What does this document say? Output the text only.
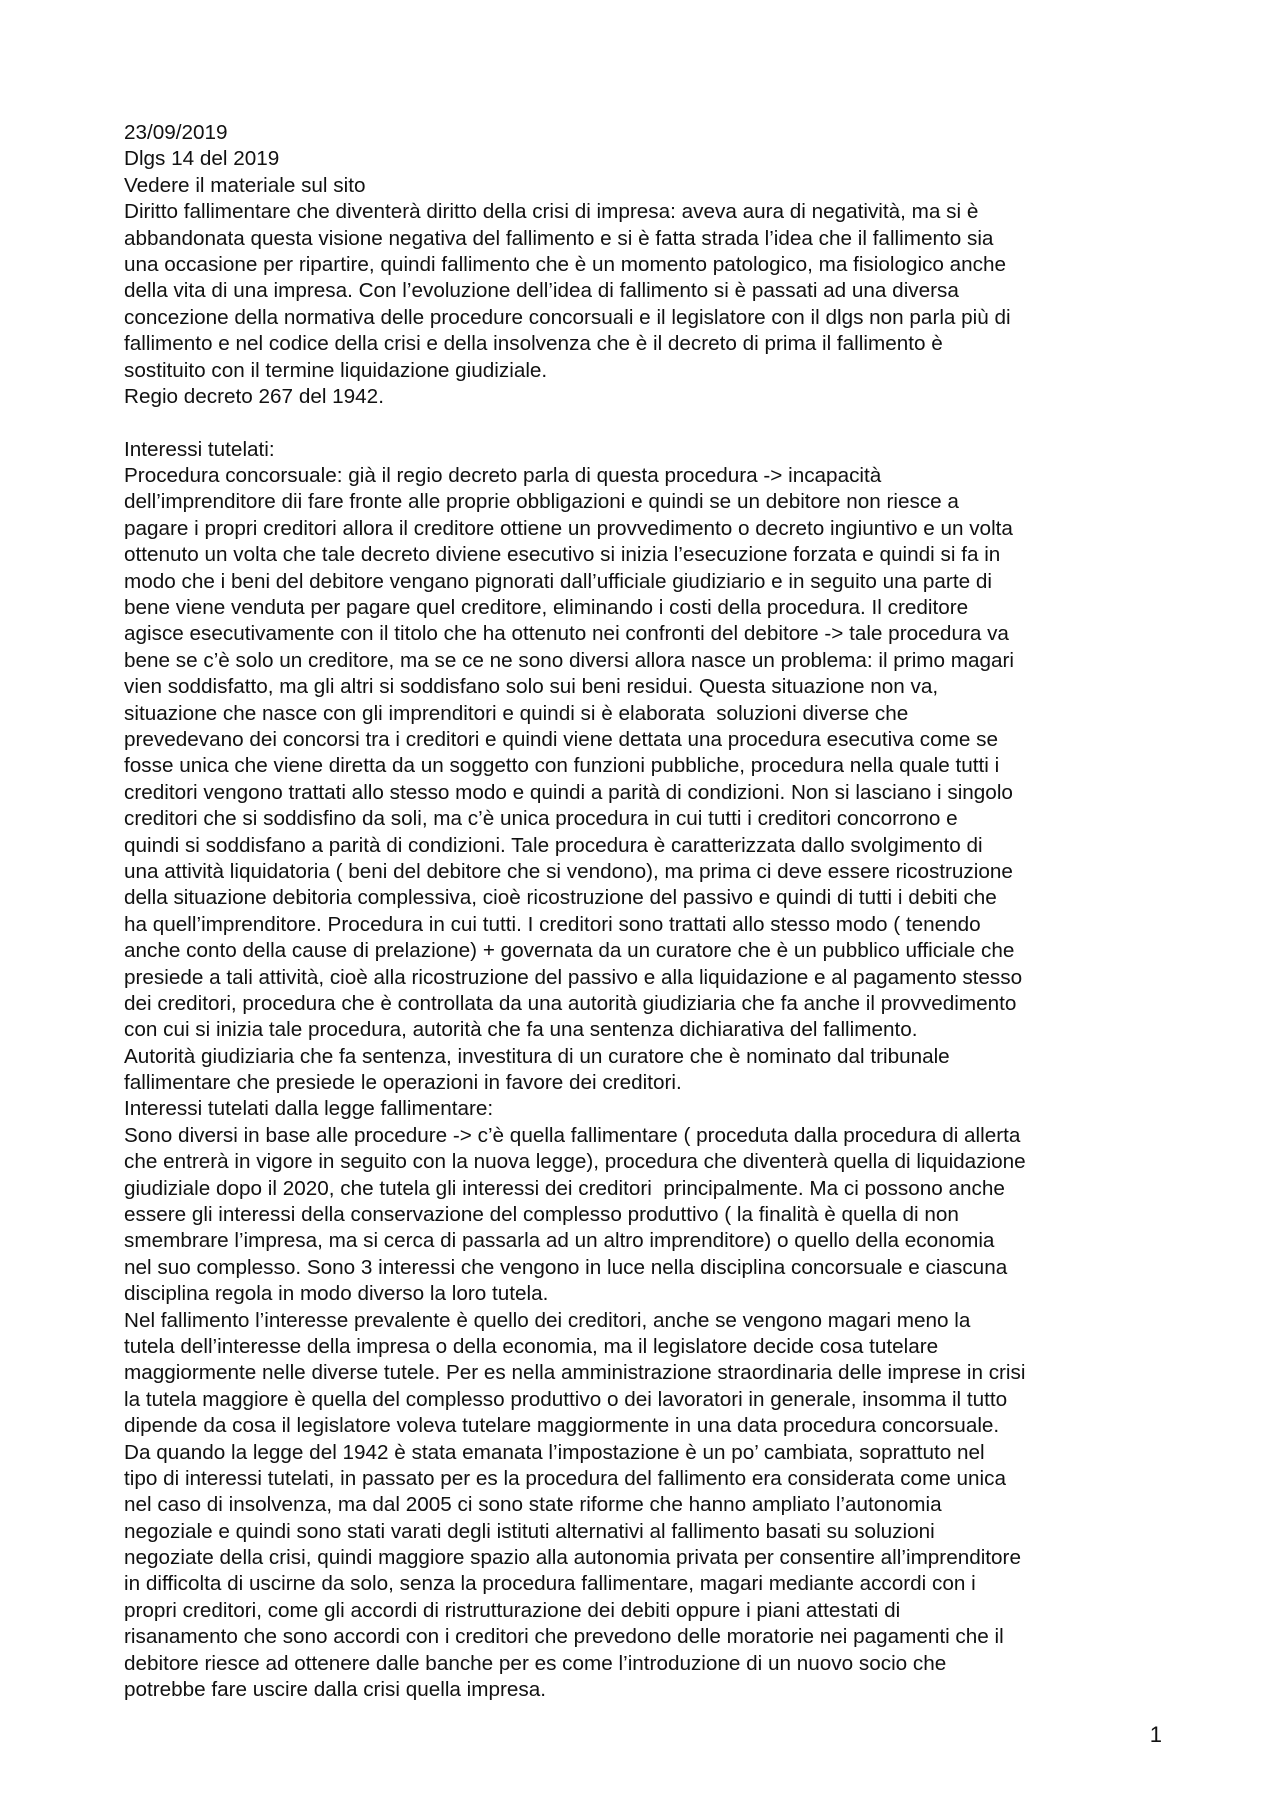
23/09/2019
Dlgs 14 del 2019
Vedere il materiale sul sito
Diritto fallimentare che diventerà diritto della crisi di impresa: aveva aura di negatività, ma si è
abbandonata questa visione negativa del fallimento e si è fatta strada l’idea che il fallimento sia
una occasione per ripartire, quindi fallimento che è un momento patologico, ma fisiologico anche
della vita di una impresa. Con l’evoluzione dell’idea di fallimento si è passati ad una diversa
concezione della normativa delle procedure concorsuali e il legislatore con il dlgs non parla più di
fallimento e nel codice della crisi e della insolvenza che è il decreto di prima il fallimento è
sostituito con il termine liquidazione giudiziale.
Regio decreto 267 del 1942.
Interessi tutelati:
Procedura concorsuale: già il regio decreto parla di questa procedura -> incapacità
dell’imprenditore dii fare fronte alle proprie obbligazioni e quindi se un debitore non riesce a
pagare i propri creditori allora il creditore ottiene un provvedimento o decreto ingiuntivo e un volta
ottenuto un volta che tale decreto diviene esecutivo si inizia l’esecuzione forzata e quindi si fa in
modo che i beni del debitore vengano pignorati dall’ufficiale giudiziario e in seguito una parte di
bene viene venduta per pagare quel creditore, eliminando i costi della procedura. Il creditore
agisce esecutivamente con il titolo che ha ottenuto nei confronti del debitore -> tale procedura va
bene se c’è solo un creditore, ma se ce ne sono diversi allora nasce un problema: il primo magari
vien soddisfatto, ma gli altri si soddisfano solo sui beni residui. Questa situazione non va,
situazione che nasce con gli imprenditori e quindi si è elaborata  soluzioni diverse che
prevedevano dei concorsi tra i creditori e quindi viene dettata una procedura esecutiva come se
fosse unica che viene diretta da un soggetto con funzioni pubbliche, procedura nella quale tutti i
creditori vengono trattati allo stesso modo e quindi a parità di condizioni. Non si lasciano i singolo
creditori che si soddisfino da soli, ma c’è unica procedura in cui tutti i creditori concorrono e
quindi si soddisfano a parità di condizioni. Tale procedura è caratterizzata dallo svolgimento di
una attività liquidatoria ( beni del debitore che si vendono), ma prima ci deve essere ricostruzione
della situazione debitoria complessiva, cioè ricostruzione del passivo e quindi di tutti i debiti che
ha quell’imprenditore. Procedura in cui tutti. I creditori sono trattati allo stesso modo ( tenendo
anche conto della cause di prelazione) + governata da un curatore che è un pubblico ufficiale che
presiede a tali attività, cioè alla ricostruzione del passivo e alla liquidazione e al pagamento stesso
dei creditori, procedura che è controllata da una autorità giudiziaria che fa anche il provvedimento
con cui si inizia tale procedura, autorità che fa una sentenza dichiarativa del fallimento.
Autorità giudiziaria che fa sentenza, investitura di un curatore che è nominato dal tribunale
fallimentare che presiede le operazioni in favore dei creditori.
Interessi tutelati dalla legge fallimentare:
Sono diversi in base alle procedure -> c’è quella fallimentare ( proceduta dalla procedura di allerta
che entrerà in vigore in seguito con la nuova legge), procedura che diventerà quella di liquidazione
giudiziale dopo il 2020, che tutela gli interessi dei creditori  principalmente. Ma ci possono anche
essere gli interessi della conservazione del complesso produttivo ( la finalità è quella di non
smembrare l’impresa, ma si cerca di passarla ad un altro imprenditore) o quello della economia
nel suo complesso. Sono 3 interessi che vengono in luce nella disciplina concorsuale e ciascuna
disciplina regola in modo diverso la loro tutela.
Nel fallimento l’interesse prevalente è quello dei creditori, anche se vengono magari meno la
tutela dell’interesse della impresa o della economia, ma il legislatore decide cosa tutelare
maggiormente nelle diverse tutele. Per es nella amministrazione straordinaria delle imprese in crisi
la tutela maggiore è quella del complesso produttivo o dei lavoratori in generale, insomma il tutto
dipende da cosa il legislatore voleva tutelare maggiormente in una data procedura concorsuale.
Da quando la legge del 1942 è stata emanata l’impostazione è un po’ cambiata, soprattuto nel
tipo di interessi tutelati, in passato per es la procedura del fallimento era considerata come unica
nel caso di insolvenza, ma dal 2005 ci sono state riforme che hanno ampliato l’autonomia
negoziale e quindi sono stati varati degli istituti alternativi al fallimento basati su soluzioni
negoziate della crisi, quindi maggiore spazio alla autonomia privata per consentire all’imprenditore
in difficolta di uscirne da solo, senza la procedura fallimentare, magari mediante accordi con i
propri creditori, come gli accordi di ristrutturazione dei debiti oppure i piani attestati di
risanamento che sono accordi con i creditori che prevedono delle moratorie nei pagamenti che il
debitore riesce ad ottenere dalle banche per es come l’introduzione di un nuovo socio che
potrebbe fare uscire dalla crisi quella impresa.
1
